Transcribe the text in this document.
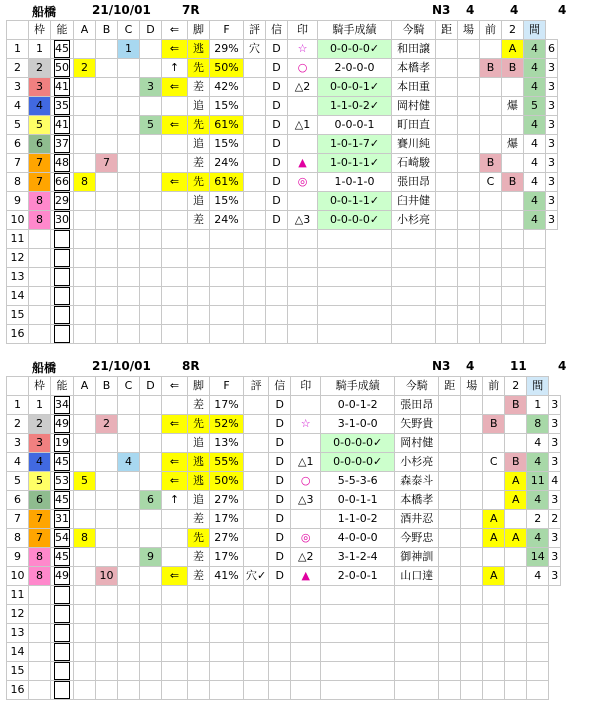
船橋	21/10/01	7R	N3 4	4	4
	枠	能	A	B	C	D	⇐	脚	F	評	信	印	騎手成績	今騎	距	場	前	2	間	
1	1	45			1		⇐	逃	29%	穴	D	☆	0-0-0-0✓	和田譲				A	4	6
2	2	50	2				↑	先	50%		D	○	2-0-0-0	本橋孝			B	B	4	3
3	3	41				3	⇐	差	42%		D	△2	0-0-0-1✓	本田重					4	3
4	4	35						追	15%		D		1-1-0-2✓	岡村健				爆	5	3
5	5	41				5	⇐	先	61%		D	△1	0-0-0-1	町田直					4	3
6	6	37						追	15%		D		1-0-1-7✓	賽川純				爆	4	3
7	7	48		7				差	24%		D	▲	1-0-1-1✓	石崎駿			B		4	3
8	7	66	8				⇐	先	61%		D	◎	1-0-1-0	張田昂			C	B	4	3
9	8	29						追	15%		D		0-0-1-1✓	臼井健					4	3
10	8	30						差	24%		D	△3	0-0-0-0✓	小杉亮					4	3
11			

12			

13			

14			

15			

16			

船橋	21/10/01	8R	N3 4	11	4
	枠	能	A	B	C	D	⇐	脚	F	評	信	印	騎手成績	今騎	距	場	前	2	間	
1	1	34						差	17%		D		0-0-1-2	張田昂				B	1	3
2	2	49		2			⇐	先	52%		D	☆	3-1-0-0	矢野貴			B		8	3
3	3	19						追	13%		D		0-0-0-0✓	岡村健					4	3
4	4	45			4		⇐	逃	55%		D	△1	0-0-0-0✓	小杉亮			C	B	4	3
5	5	53	5				⇐	逃	50%		D	○	5-5-3-6	森泰斗				A	11	4
6	6	45				6	↑	追	27%		D	△3	0-0-1-1	本橋孝				A	4	3
7	7	31						差	17%		D		1-1-0-2	酒井忍			A		2	2
8	7	54	8					先	27%		D	◎	4-0-0-0	今野忠			A	A	4	3
9	8	45				9		差	17%		D	△2	3-1-2-4	御神訓					14	3
10	8	49		10			⇐	差	41%	穴✓	D	▲	2-0-0-1	山口達			A		4	3
11			

12			

13			

14			

15			

16			
